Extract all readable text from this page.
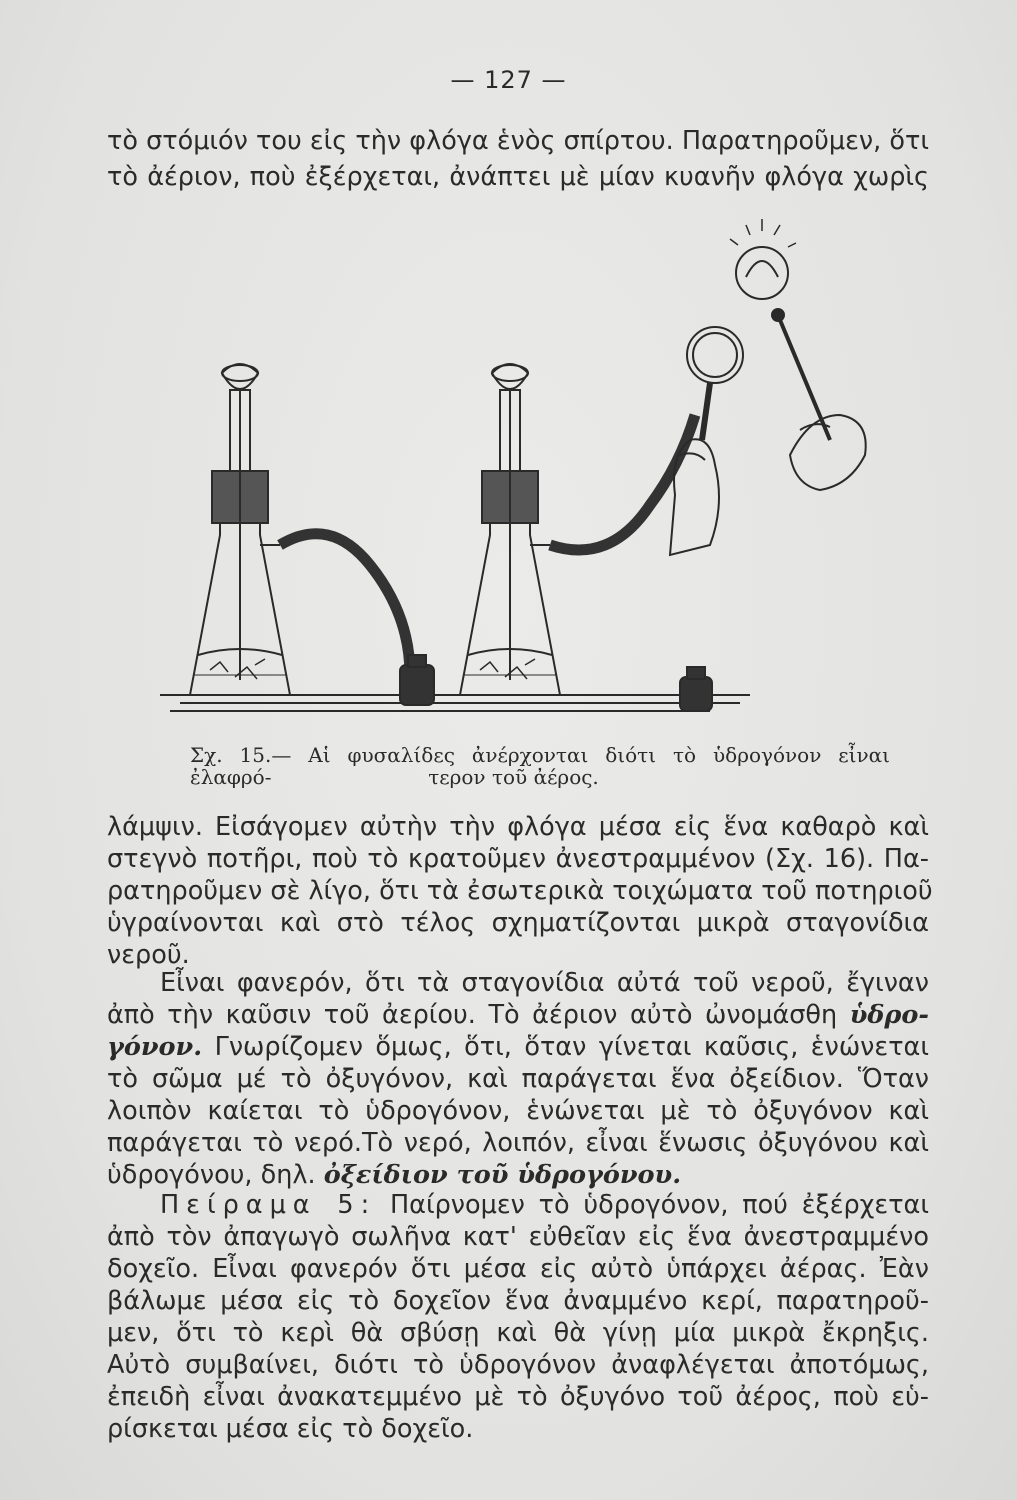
— 127 —
τὸ στόμιόν του εἰς τὴν φλόγα ἑνὸς σπίρτου. Παρατηροῦμεν, ὅτι
τὸ ἀέριον, ποὺ ἐξέρχεται, ἀνάπτει μὲ μίαν κυανῆν φλόγα χωρὶς
Σχ. 15.— Αἱ φυσαλίδες ἀνέρχονται διότι τὸ ὑδρογόνον εἶναι ἐλαφρό-	τερον τοῦ ἀέρος.
λάμψιν. Εἰσάγομεν αὐτὴν τὴν φλόγα μέσα εἰς ἕνα καθαρὸ καὶ
στεγνὸ ποτῆρι, ποὺ τὸ κρατοῦμεν ἀνεστραμμένον (Σχ. 16). Πα-
ρατηροῦμεν σὲ λίγο, ὅτι τὰ ἐσωτερικὰ τοιχώματα τοῦ ποτηριοῦ
ὑγραίνονται καὶ στὸ τέλος σχηματίζονται μικρὰ σταγονίδια
νεροῦ.
Εἶναι φανερόν, ὅτι τὰ σταγονίδια αὐτά τοῦ νεροῦ, ἔγιναν
ἀπὸ τὴν καῦσιν τοῦ ἀερίου. Τὸ ἀέριον αὐτὸ ὠνομάσθη ὑδρο-
γόνον. Γνωρίζομεν ὅμως, ὅτι, ὅταν γίνεται καῦσις, ἑνώνεται
τὸ σῶμα μέ τὸ ὀξυγόνον, καὶ παράγεται ἕνα ὀξείδιον. Ὅταν
λοιπὸν καίεται τὸ ὑδρογόνον, ἑνώνεται μὲ τὸ ὀξυγόνον καὶ
παράγεται τὸ νερό.Τὸ νερό, λοιπόν, εἶναι ἕνωσις ὀξυγόνου καὶ
ὑδρογόνου, δηλ. ὀξείδιον τοῦ ὑδρογόνου.
Πείραμα 5: Παίρνομεν τὸ ὑδρογόνον, πού ἐξέρχεται
ἀπὸ τὸν ἀπαγωγὸ σωλῆνα κατ' εὐθεῖαν εἰς ἕνα ἀνεστραμμένο
δοχεῖο. Εἶναι φανερόν ὅτι μέσα εἰς αὐτὸ ὑπάρχει ἀέρας. Ἐὰν
βάλωμε μέσα εἰς τὸ δοχεῖον ἕνα ἀναμμένο κερί, παρατηροῦ-
μεν, ὅτι τὸ κερὶ θὰ σβύσῃ καὶ θὰ γίνῃ μία μικρὰ ἔκρηξις.
Αὐτὸ συμβαίνει, διότι τὸ ὑδρογόνον ἀναφλέγεται ἀποτόμως,
ἐπειδὴ εἶναι ἀνακατεμμένο μὲ τὸ ὀξυγόνο τοῦ ἀέρος, ποὺ εὑ-
ρίσκεται μέσα εἰς τὸ δοχεῖο.
